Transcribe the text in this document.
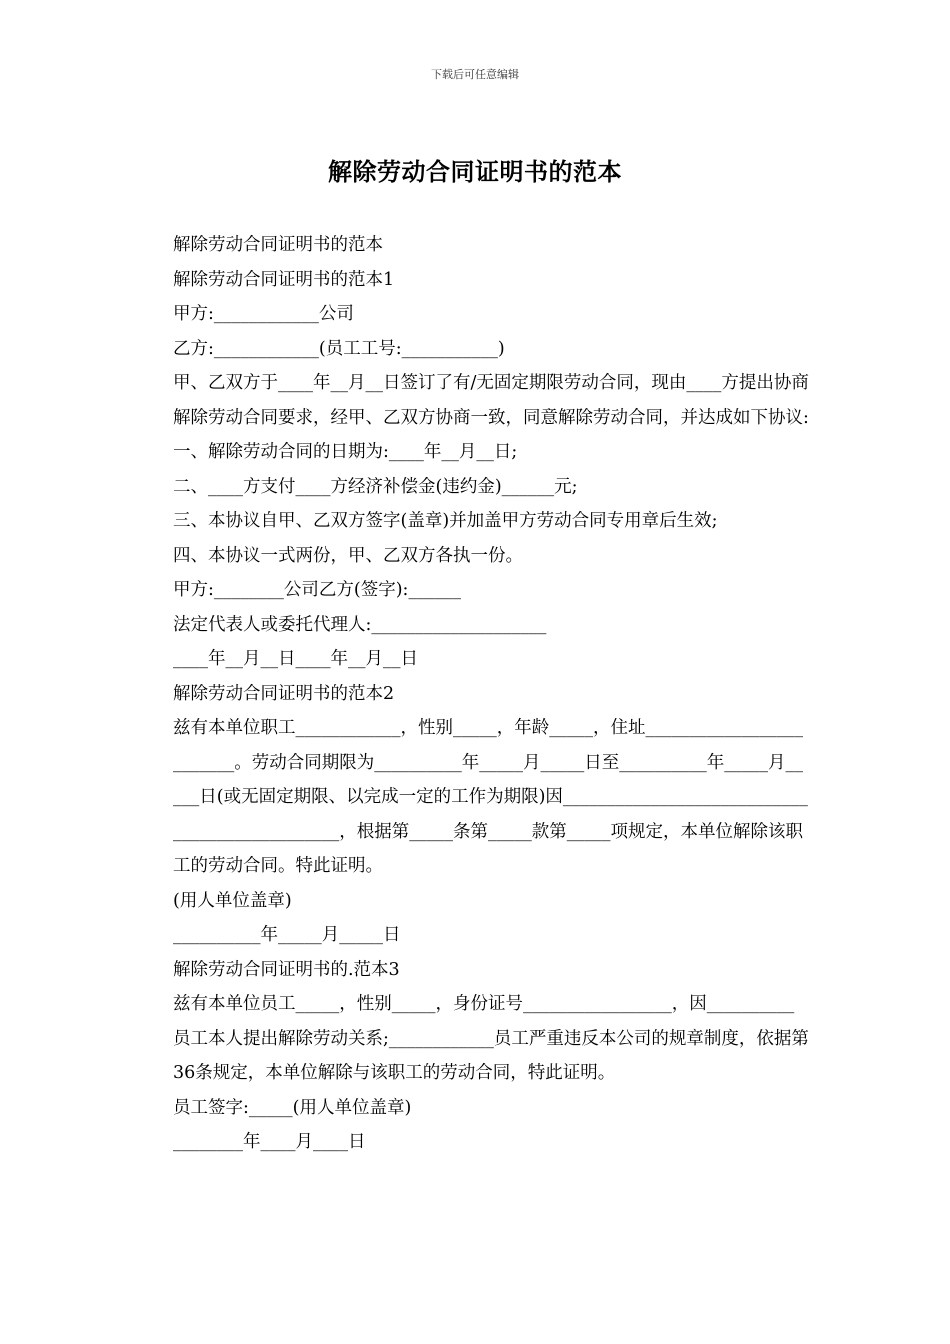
下载后可任意编辑
解除劳动合同证明书的范本

解除劳动合同证明书的范本

解除劳动合同证明书的范本1

甲方:____________公司

乙方:____________(员工工号:___________)

甲、乙双方于____年__月__日签订了有/无固定期限劳动合同，现由____方提出协商解除劳动合同要求，经甲、乙双方协商一致，同意解除劳动合同，并达成如下协议:

一、解除劳动合同的日期为:____年__月__日;

二、____方支付____方经济补偿金(违约金)______元;

三、本协议自甲、乙双方签字(盖章)并加盖甲方劳动合同专用章后生效;

四、本协议一式两份，甲、乙双方各执一份。

甲方:________公司乙方(签字):______

法定代表人或委托代理人:____________________

____年__月__日____年__月__日

解除劳动合同证明书的范本2

兹有本单位职工____________，性别_____，年龄_____，住址_________________________。劳动合同期限为__________年_____月_____日至__________年_____月_____日(或无固定期限、以完成一定的工作为期限)因_______________________________________________，根据第_____条第_____款第_____项规定，本单位解除该职工的劳动合同。特此证明。

(用人单位盖章)

__________年_____月_____日

解除劳动合同证明书的.范本3

兹有本单位员工_____，性别_____，身份证号_________________，因__________员工本人提出解除劳动关系;____________员工严重违反本公司的规章制度，依据第36条规定，本单位解除与该职工的劳动合同，特此证明。

员工签字:_____(用人单位盖章)

________年____月____日
